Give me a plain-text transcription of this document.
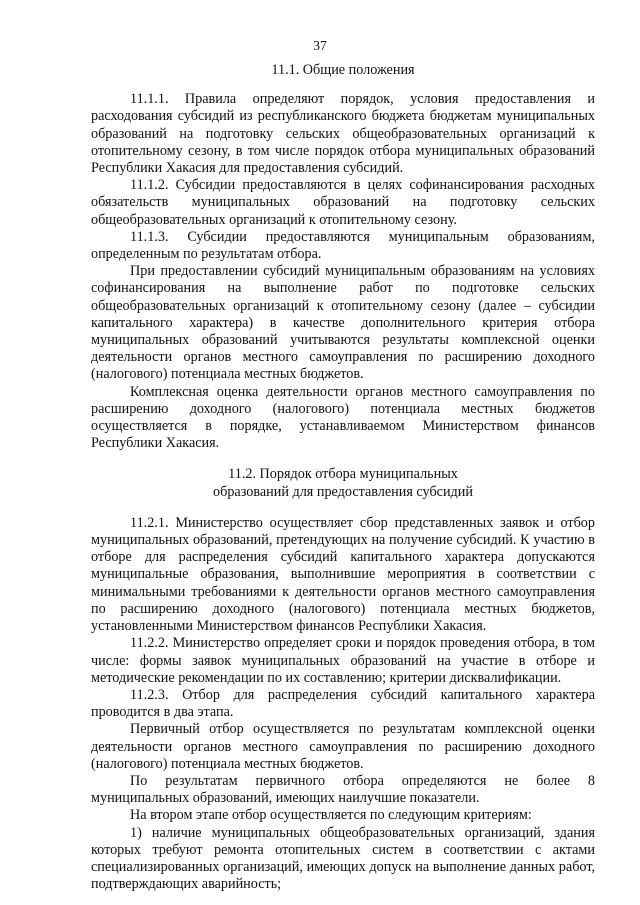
37
11.1. Общие положения

11.1.1. Правила определяют порядок, условия предоставления и расходования субсидий из республиканского бюджета бюджетам муниципальных образований на подготовку сельских общеобразовательных организаций к отопительному сезону, в том числе порядок отбора муниципальных образований Республики Хакасия для предоставления субсидий.

11.1.2. Субсидии предоставляются в целях софинансирования расходных обязательств муниципальных образований на подготовку сельских общеобразовательных организаций к отопительному сезону.

11.1.3. Субсидии предоставляются муниципальным образованиям, определенным по результатам отбора.

При предоставлении субсидий муниципальным образованиям на условиях софинансирования на выполнение работ по подготовке сельских общеобразовательных организаций к отопительному сезону (далее – субсидии капитального характера) в качестве дополнительного критерия отбора муниципальных образований учитываются результаты комплексной оценки деятельности органов местного самоуправления по расширению доходного (налогового) потенциала местных бюджетов.

Комплексная оценка деятельности органов местного самоуправления по расширению доходного (налогового) потенциала местных бюджетов осуществляется в порядке, устанавливаемом Министерством финансов Республики Хакасия.

11.2. Порядок отбора муниципальных
образований для предоставления субсидий

11.2.1. Министерство осуществляет сбор представленных заявок и отбор муниципальных образований, претендующих на получение субсидий. К участию в отборе для распределения субсидий капитального характера допускаются муниципальные образования, выполнившие мероприятия в соответствии с минимальными требованиями к деятельности органов местного самоуправления по расширению доходного (налогового) потенциала местных бюджетов, установленными Министерством финансов Республики Хакасия.

11.2.2. Министерство определяет сроки и порядок проведения отбора, в том числе: формы заявок муниципальных образований на участие в отборе и методические рекомендации по их составлению; критерии дисквалификации.

11.2.3. Отбор для распределения субсидий капитального характера проводится в два этапа.

Первичный отбор осуществляется по результатам комплексной оценки деятельности органов местного самоуправления по расширению доходного (налогового) потенциала местных бюджетов.

По результатам первичного отбора определяются не более 8 муниципальных образований, имеющих наилучшие показатели.

На втором этапе отбор осуществляется по следующим критериям:

1) наличие муниципальных общеобразовательных организаций, здания которых требуют ремонта отопительных систем в соответствии с актами специализированных организаций, имеющих допуск на выполнение данных работ, подтверждающих аварийность;
